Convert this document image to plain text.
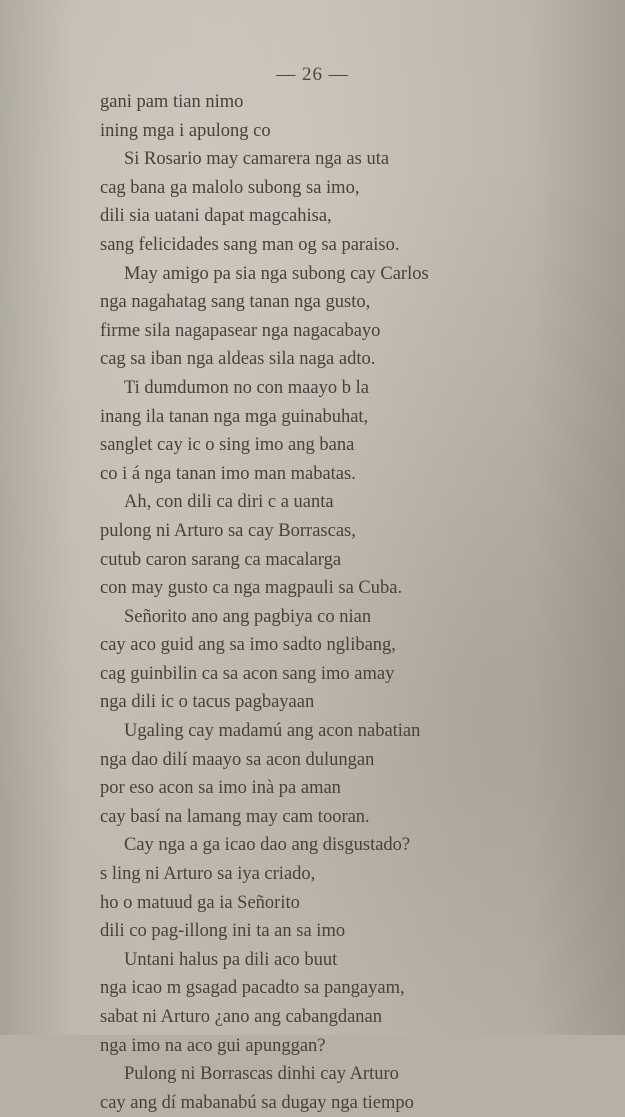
— 26 —
gani pam tian nimo
ining mga i apulong co
Si Rosario may camarera nga as uta
cag bana ga malolo subong sa imo,
dili sia uatani dapat magcahisa,
sang felicidades sang man og sa paraiso.
May amigo pa sia nga subong cay Carlos
nga nagahatag sang tanan nga gusto,
firme sila nagapasear nga nagacabayo
cag sa iban nga aldeas sila naga adto.
Ti dumdumon no con maayo b la
inang ila tanan nga mga guinabuhat,
sanglet cay ic o sing imo ang bana
co i á nga tanan imo man mabatas.
Ah, con dili ca diri c a uanta
pulong ni Arturo sa cay Borrascas,
cutub caron sarang ca macalarga
con may gusto ca nga magpauli sa Cuba.
Señorito ano ang pagbiya co nian
cay aco guid ang sa imo sadto nglibang,
cag guinbilin ca sa acon sang imo amay
nga dili ic o tacus pagbayaan
Ugaling cay madamú ang acon nabatian
nga dao dilí maayo sa acon dulungan
por eso acon sa imo inà pa aman
cay basí na lamang may cam tooran.
Cay nga a ga icao dao ang disgustado?
s ling ni Arturo sa iya criado,
ho o matuud ga ia Señorito
dili co pag-illong ini ta an sa imo
Untani halus pa dili aco buut
nga icao m gsagad pacadto sa pangayam,
sabat ni Arturo ¿ano ang cabangdanan
nga imo na aco gui apunggan?
Pulong ni Borrascas dinhi cay Arturo
cay ang dí mabanabú sa dugay nga tiempo
